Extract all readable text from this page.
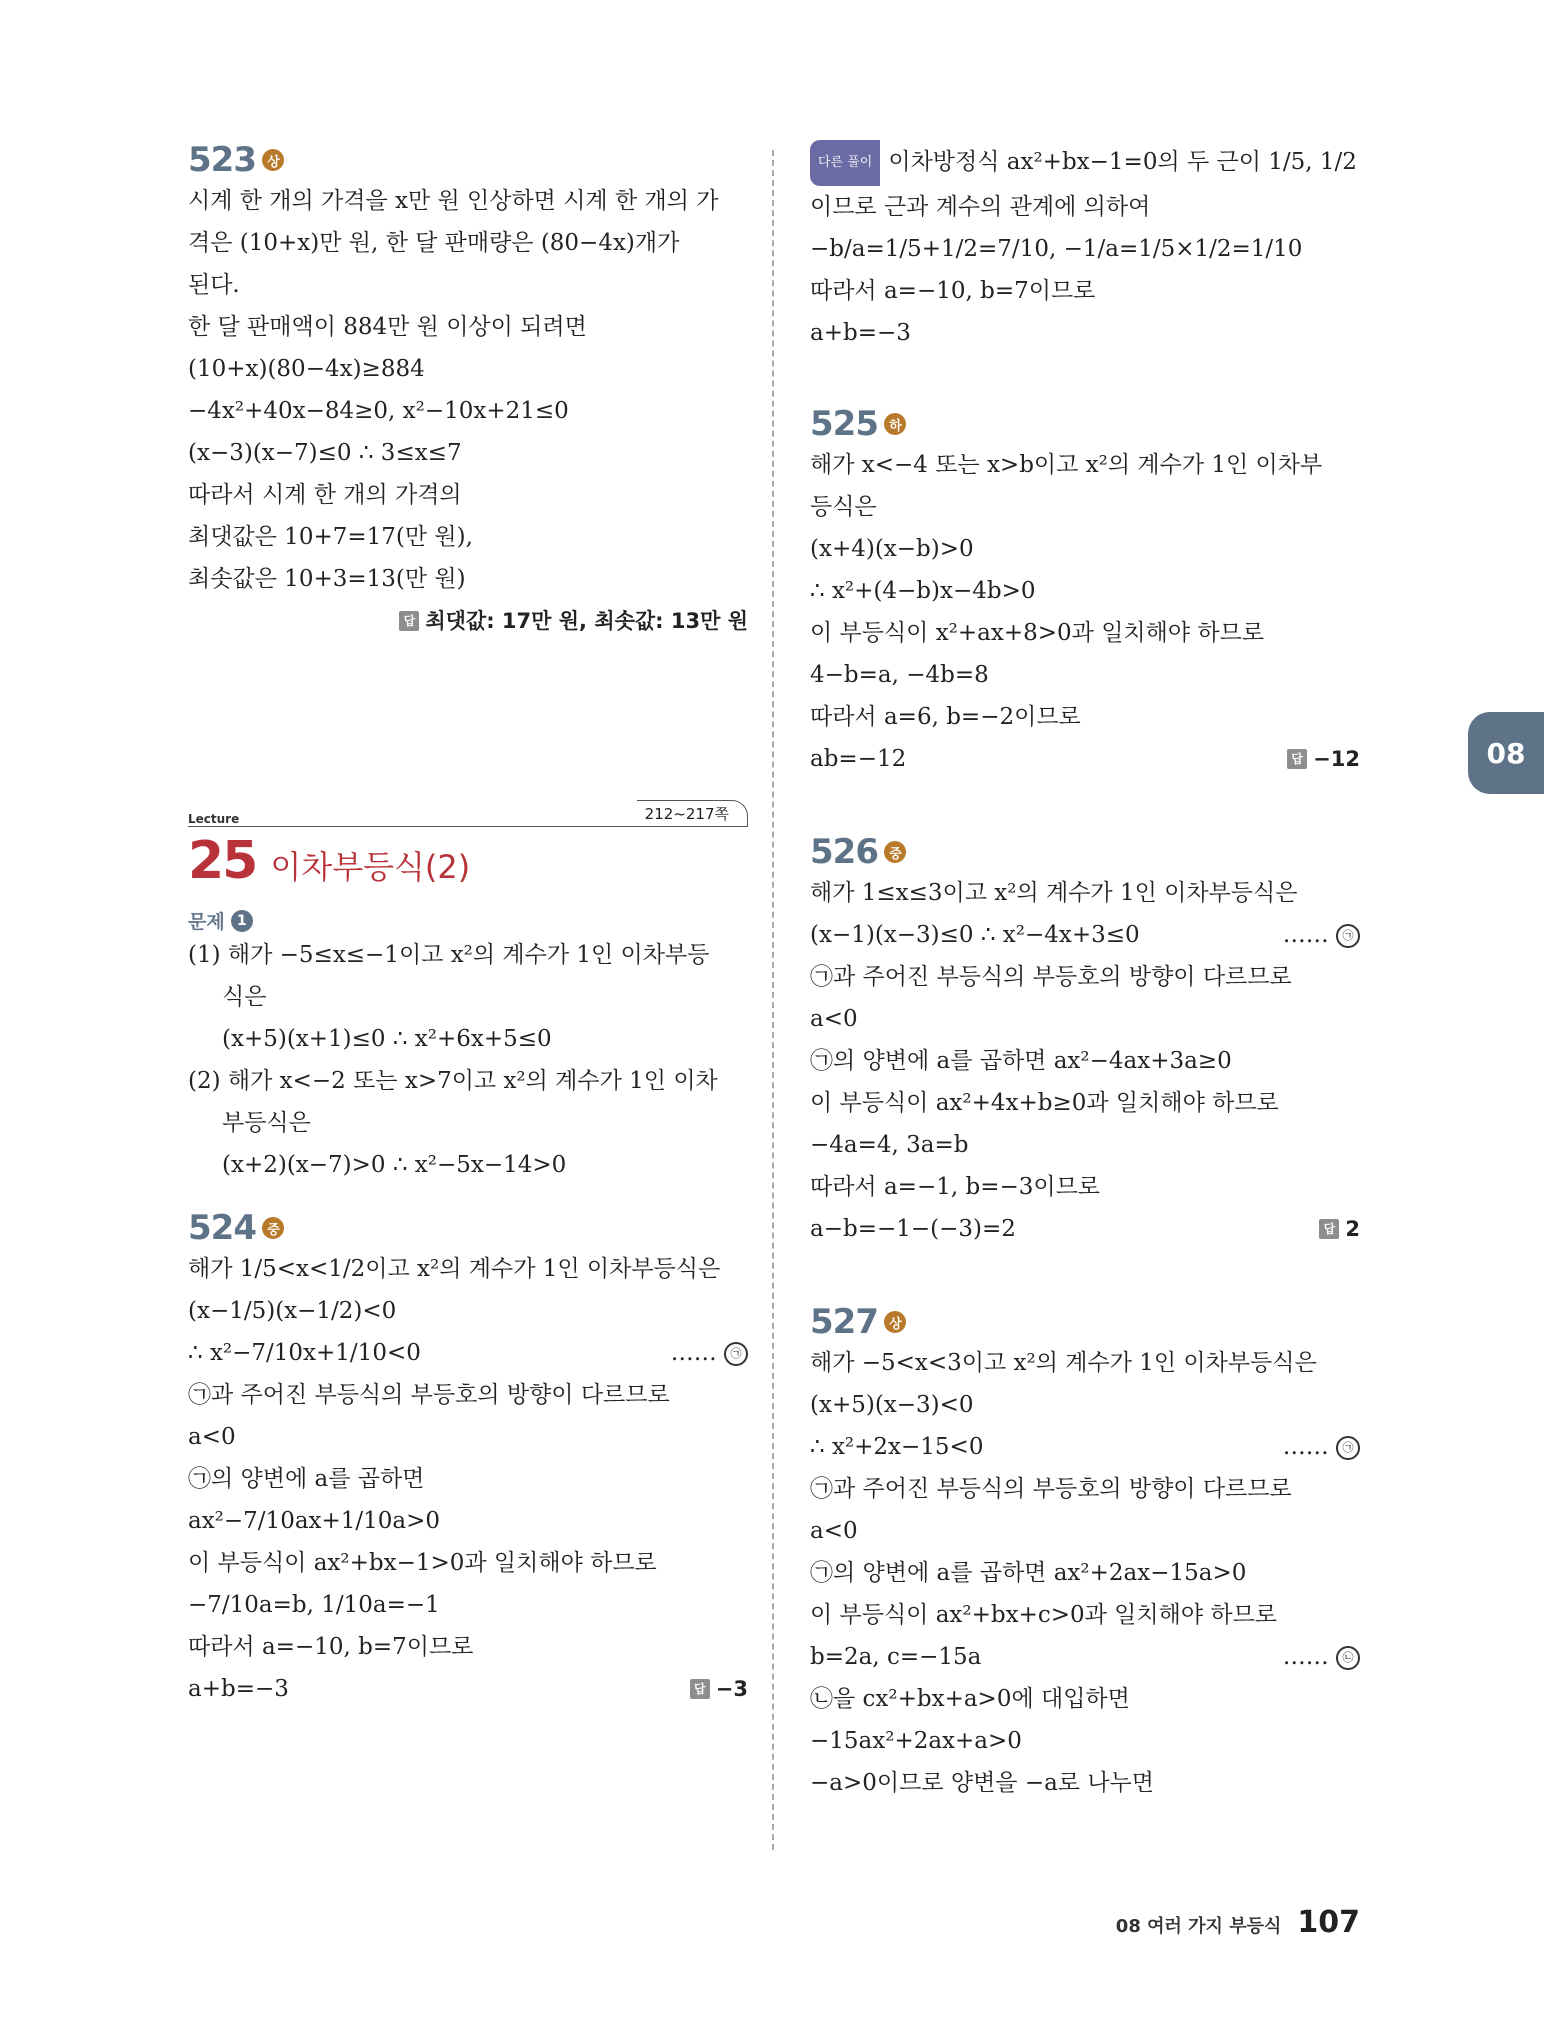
08
523 상
시계 한 개의 가격을 x만 원 인상하면 시계 한 개의 가
격은 (10+x)만 원, 한 달 판매량은 (80−4x)개가
된다.
한 달 판매액이 884만 원 이상이 되려면
(10+x)(80−4x)≥884
−4x²+40x−84≥0, x²−10x+21≤0
(x−3)(x−7)≤0 ∴ 3≤x≤7
따라서 시계 한 개의 가격의
최댓값은 10+7=17(만 원),
최솟값은 10+3=13(만 원)
답 최댓값: 17만 원, 최솟값: 13만 원
Lecture	212~217쪽
25 이차부등식(2)
문제 1
(1) 해가 −5≤x≤−1이고 x²의 계수가 1인 이차부등
식은
(x+5)(x+1)≤0 ∴ x²+6x+5≤0
(2) 해가 x<−2 또는 x>7이고 x²의 계수가 1인 이차
부등식은
(x+2)(x−7)>0 ∴ x²−5x−14>0
524 중
해가 1/5<x<1/2이고 x²의 계수가 1인 이차부등식은
(x−1/5)(x−1/2)<0
∴ x²−7/10x+1/10<0	…… ㉠
㉠과 주어진 부등식의 부등호의 방향이 다르므로
a<0
㉠의 양변에 a를 곱하면
ax²−7/10ax+1/10a>0
이 부등식이 ax²+bx−1>0과 일치해야 하므로
−7/10a=b, 1/10a=−1
따라서 a=−10, b=7이므로
a+b=−3	답 −3
다른 풀이 이차방정식 ax²+bx−1=0의 두 근이 1/5, 1/2
이므로 근과 계수의 관계에 의하여
−b/a=1/5+1/2=7/10, −1/a=1/5×1/2=1/10
따라서 a=−10, b=7이므로
a+b=−3
525 하
해가 x<−4 또는 x>b이고 x²의 계수가 1인 이차부
등식은
(x+4)(x−b)>0
∴ x²+(4−b)x−4b>0
이 부등식이 x²+ax+8>0과 일치해야 하므로
4−b=a, −4b=8
따라서 a=6, b=−2이므로
ab=−12	답 −12
526 중
해가 1≤x≤3이고 x²의 계수가 1인 이차부등식은
(x−1)(x−3)≤0 ∴ x²−4x+3≤0	…… ㉠
㉠과 주어진 부등식의 부등호의 방향이 다르므로
a<0
㉠의 양변에 a를 곱하면 ax²−4ax+3a≥0
이 부등식이 ax²+4x+b≥0과 일치해야 하므로
−4a=4, 3a=b
따라서 a=−1, b=−3이므로
a−b=−1−(−3)=2	답 2
527 상
해가 −5<x<3이고 x²의 계수가 1인 이차부등식은
(x+5)(x−3)<0
∴ x²+2x−15<0	…… ㉠
㉠과 주어진 부등식의 부등호의 방향이 다르므로
a<0
㉠의 양변에 a를 곱하면 ax²+2ax−15a>0
이 부등식이 ax²+bx+c>0과 일치해야 하므로
b=2a, c=−15a	…… ㉡
㉡을 cx²+bx+a>0에 대입하면
−15ax²+2ax+a>0
−a>0이므로 양변을 −a로 나누면
08 여러 가지 부등식 107
